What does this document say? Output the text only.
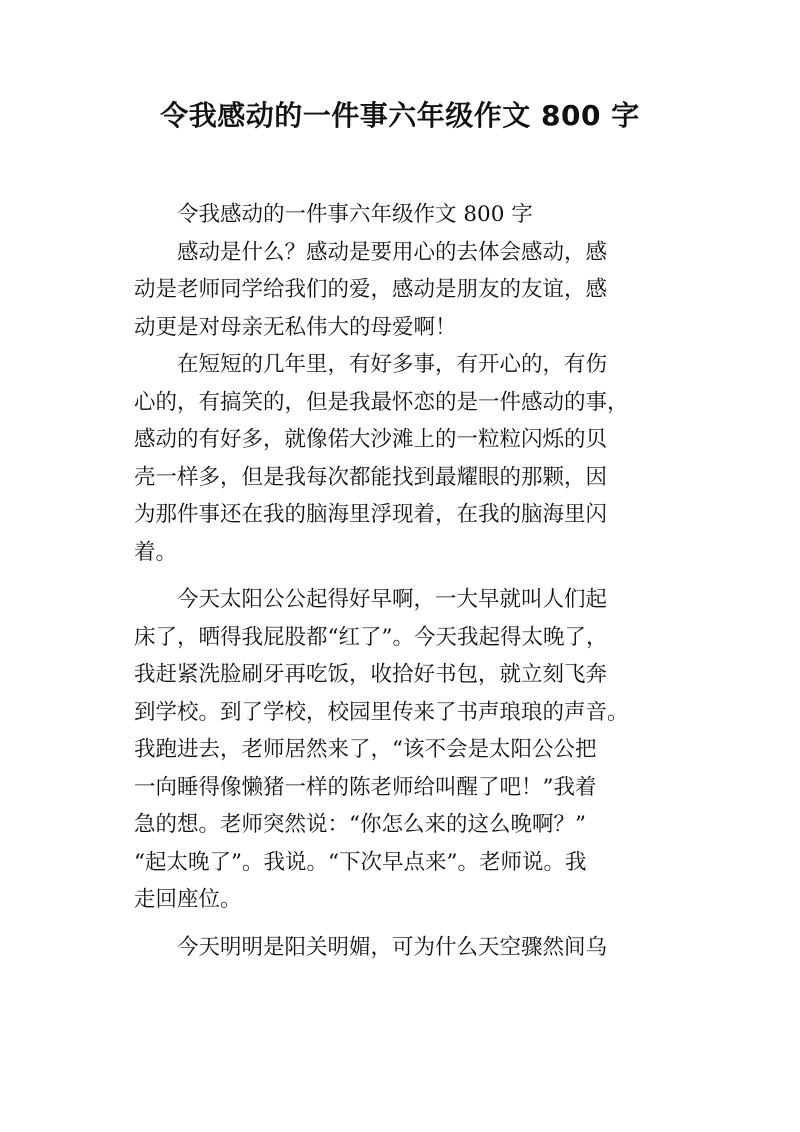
令我感动的一件事六年级作文 800 字
　　令我感动的一件事六年级作文 800 字
　　感动是什么？感动是要用心的去体会感动，感
动是老师同学给我们的爱，感动是朋友的友谊，感
动更是对母亲无私伟大的母爱啊！
　　在短短的几年里，有好多事，有开心的，有伤
心的，有搞笑的，但是我最怀恋的是一件感动的事，
感动的有好多，就像偌大沙滩上的一粒粒闪烁的贝
壳一样多，但是我每次都能找到最耀眼的那颗，因
为那件事还在我的脑海里浮现着，在我的脑海里闪
着。
　　今天太阳公公起得好早啊，一大早就叫人们起
床了，晒得我屁股都“红了”。今天我起得太晚了，
我赶紧洗脸刷牙再吃饭，收拾好书包，就立刻飞奔
到学校。到了学校，校园里传来了书声琅琅的声音。
我跑进去，老师居然来了，“该不会是太阳公公把
一向睡得像懒猪一样的陈老师给叫醒了吧！”我着
急的想。老师突然说：“你怎么来的这么晚啊？”
“起太晚了”。我说。“下次早点来”。老师说。我
走回座位。
　　今天明明是阳关明媚，可为什么天空骤然间乌
